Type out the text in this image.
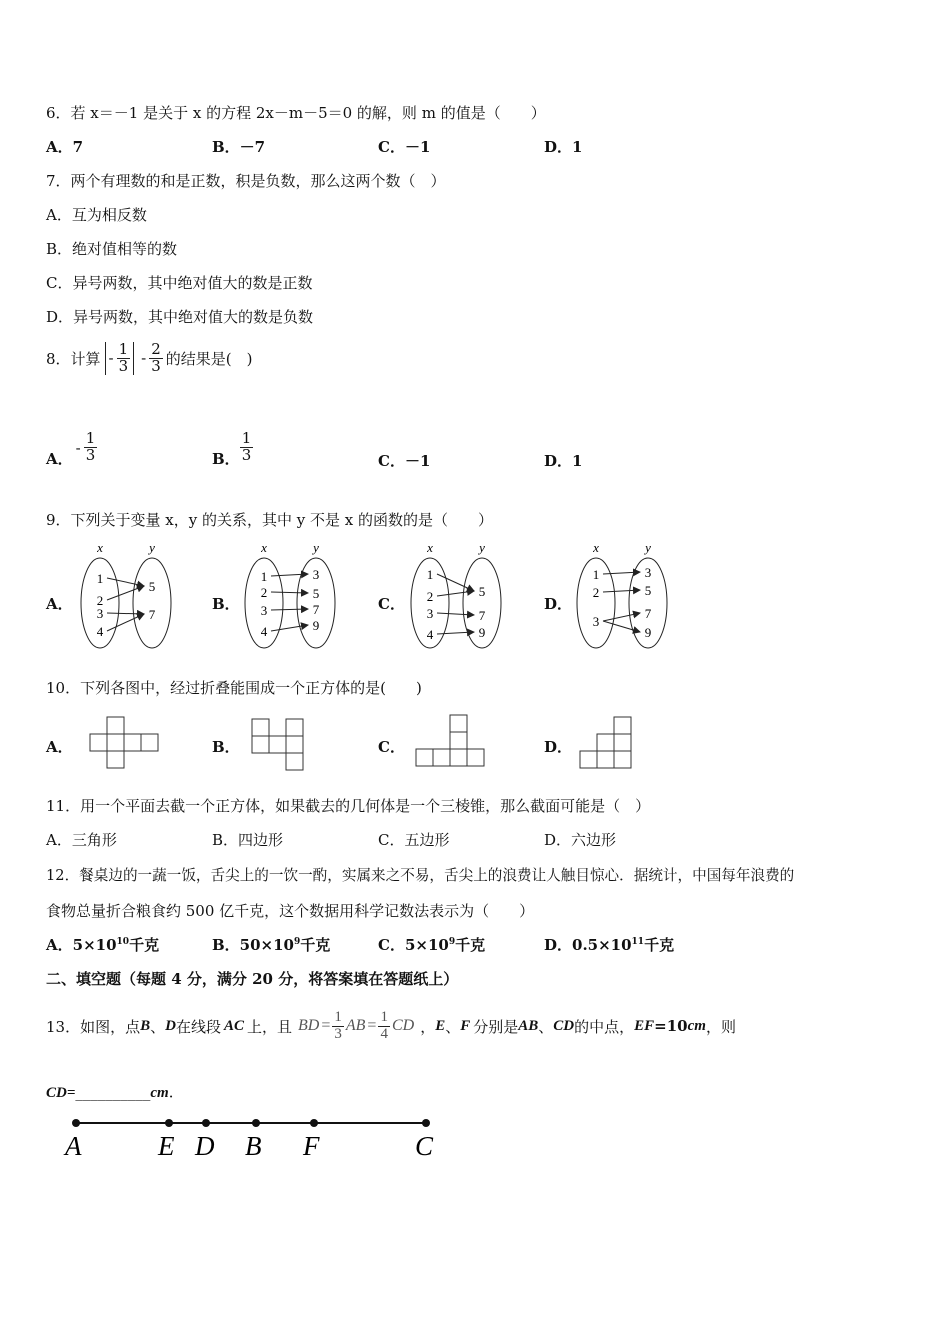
6．若 x＝－1 是关于 x 的方程 2x－m－5＝0 的解，则 m 的值是（　　）
A．7	B．－7	C．－1	D．1
7．两个有理数的和是正数，积是负数，那么这两个数（　）
A．互为相反数
B．绝对值相等的数
C．异号两数，其中绝对值大的数是正数
D．异号两数，其中绝对值大的数是负数
8．计算 - $\frac{1}{3} - \frac{2}{3}$ 的结果是(　)
A．
- $\frac{1}{3}$	B． $\frac{1}{3}$	C．－1	D．1
9．下列关于变量 x，y 的关系，其中 y 不是 x 的函数的是（　　）
A．	B．	C．	D．
x	y
1
2
3
4
5
7
x	y
1
2
3
4
3
5
7
9
x	y
1
2
3
4
5
7
9
x	y
1
2
3
3
5
7
9
10．下列各图中，经过折叠能围成一个正方体的是(　　)
A．	B．	C．	D．
11．用一个平面去截一个正方体，如果截去的几何体是一个三棱锥，那么截面可能是（　）
A．三角形	B．四边形	C．五边形	D．六边形
12．餐桌边的一蔬一饭，舌尖上的一饮一酌，实属来之不易，舌尖上的浪费让人触目惊心．据统计，中国每年浪费的
食物总量折合粮食约 500 亿千克，这个数据用科学记数法表示为（　　）
A．$5\times 10^{10}$千克	B．$50\times 10^9$千克	C．$5\times 10^9$千克	D．$0.5\times 10^{11}$千克
二、填空题（每题 4 分，满分 20 分，将答案填在答题纸上）
13．如图，点 B 、 D 在线段 AC 上，且 BD = $\frac{1}{3}$ AB = $\frac{1}{4}$ CD ， E 、 F 分别是 AB 、 CD 的中点， EF =10 cm ，则
CD=__________cm．
A	E D B F	C
